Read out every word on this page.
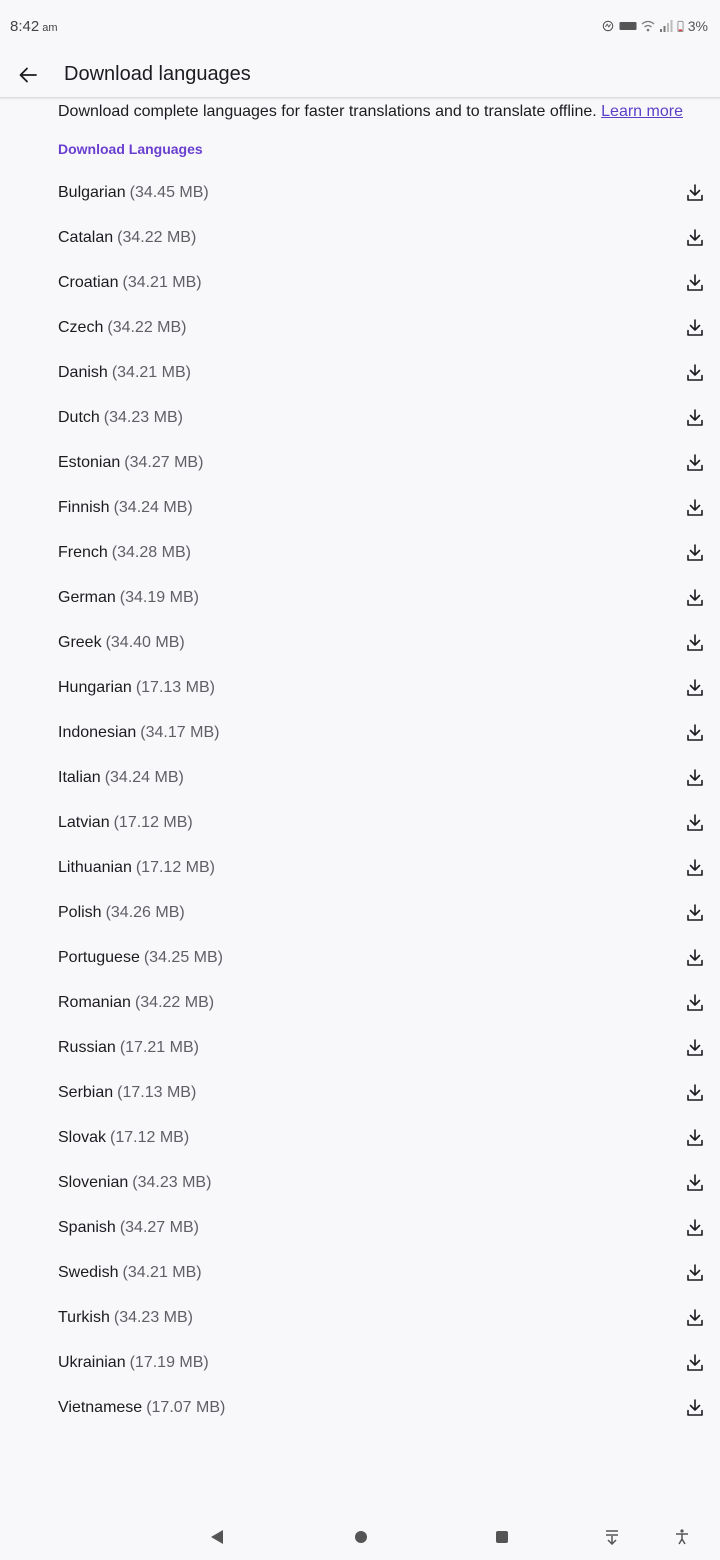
8:42 am	3%
Download languages

Download complete languages for faster translations and to translate offline. Learn more

Download Languages
Bulgarian (34.45 MB)
Catalan (34.22 MB)
Croatian (34.21 MB)
Czech (34.22 MB)
Danish (34.21 MB)
Dutch (34.23 MB)
Estonian (34.27 MB)
Finnish (34.24 MB)
French (34.28 MB)
German (34.19 MB)
Greek (34.40 MB)
Hungarian (17.13 MB)
Indonesian (34.17 MB)
Italian (34.24 MB)
Latvian (17.12 MB)
Lithuanian (17.12 MB)
Polish (34.26 MB)
Portuguese (34.25 MB)
Romanian (34.22 MB)
Russian (17.21 MB)
Serbian (17.13 MB)
Slovak (17.12 MB)
Slovenian (34.23 MB)
Spanish (34.27 MB)
Swedish (34.21 MB)
Turkish (34.23 MB)
Ukrainian (17.19 MB)
Vietnamese (17.07 MB)
